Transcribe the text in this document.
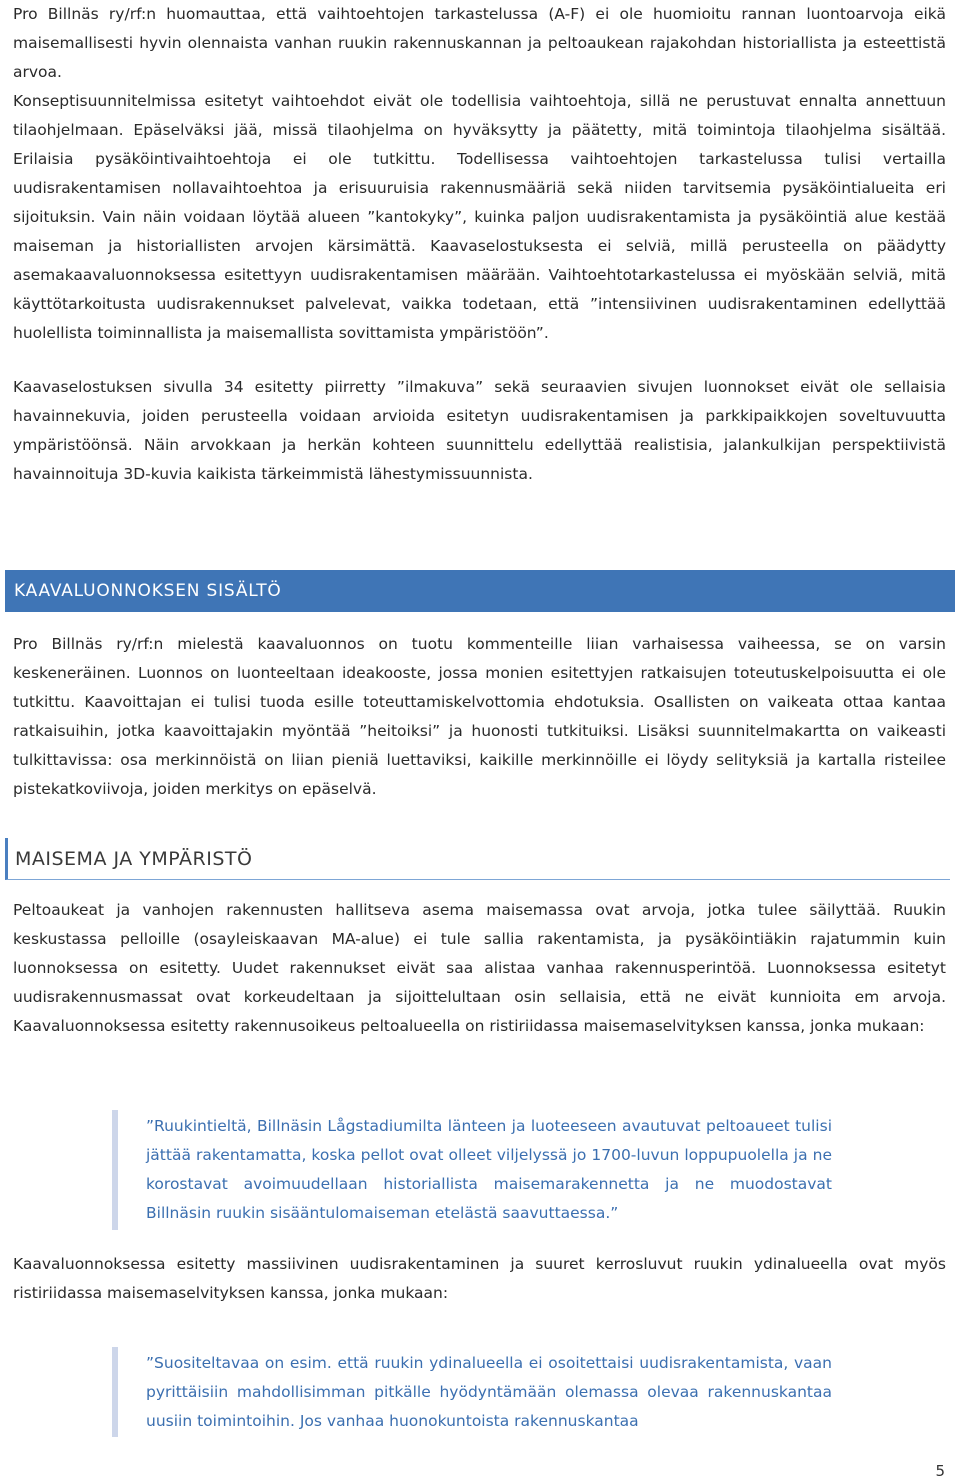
Pro Billnäs ry/rf:n huomauttaa, että vaihtoehtojen tarkastelussa (A-F) ei ole huomioitu rannan luontoarvoja eikä maisemallisesti hyvin olennaista vanhan ruukin rakennuskannan ja peltoaukean rajakohdan historiallista ja esteettistä arvoa.

Konseptisuunnitelmissa esitetyt vaihtoehdot eivät ole todellisia vaihtoehtoja, sillä ne perustuvat ennalta annettuun tilaohjelmaan. Epäselväksi jää, missä tilaohjelma on hyväksytty ja päätetty, mitä toimintoja tilaohjelma sisältää. Erilaisia pysäköintivaihtoehtoja ei ole tutkittu. Todellisessa vaihtoehtojen tarkastelussa tulisi vertailla uudisrakentamisen nollavaihtoehtoa ja erisuuruisia rakennusmääriä sekä niiden tarvitsemia pysäköintialueita eri sijoituksin. Vain näin voidaan löytää alueen ”kantokyky”, kuinka paljon uudisrakentamista ja pysäköintiä alue kestää maiseman ja historiallisten arvojen kärsimättä. Kaavaselostuksesta ei selviä, millä perusteella on päädytty asemakaavaluonnoksessa esitettyyn uudisrakentamisen määrään. Vaihtoehtotarkastelussa ei myöskään selviä, mitä käyttötarkoitusta uudisrakennukset palvelevat, vaikka todetaan, että ”intensiivinen uudisrakentaminen edellyttää huolellista toiminnallista ja maisemallista sovittamista ympäristöön”.

Kaavaselostuksen sivulla 34 esitetty piirretty ”ilmakuva” sekä seuraavien sivujen luonnokset eivät ole sellaisia havainnekuvia, joiden perusteella voidaan arvioida esitetyn uudisrakentamisen ja parkkipaikkojen soveltuvuutta ympäristöönsä. Näin arvokkaan ja herkän kohteen suunnittelu edellyttää realistisia, jalankulkijan perspektiivistä havainnoituja 3D-kuvia kaikista tärkeimmistä lähestymissuunnista.

Pro Billnäs ry/rf:n mielestä kaavaluonnos on tuotu kommenteille liian varhaisessa vaiheessa, se on varsin keskeneräinen. Luonnos on luonteeltaan ideakooste, jossa monien esitettyjen ratkaisujen toteutuskelpoisuutta ei ole tutkittu. Kaavoittajan ei tulisi tuoda esille toteuttamiskelvottomia ehdotuksia. Osallisten on vaikeata ottaa kantaa ratkaisuihin, jotka kaavoittajakin myöntää ”heitoiksi” ja huonosti tutkituiksi. Lisäksi suunnitelmakartta on vaikeasti tulkittavissa: osa merkinnöistä on liian pieniä luettaviksi, kaikille merkinnöille ei löydy selityksiä ja kartalla risteilee pistekatkoviivoja, joiden merkitys on epäselvä.

Peltoaukeat ja vanhojen rakennusten hallitseva asema maisemassa ovat arvoja, jotka tulee säilyttää. Ruukin keskustassa pelloille (osayleiskaavan MA-alue) ei tule sallia rakentamista, ja pysäköintiäkin rajatummin kuin luonnoksessa on esitetty. Uudet rakennukset eivät saa alistaa vanhaa rakennusperintöä. Luonnoksessa esitetyt uudisrakennusmassat ovat korkeudeltaan ja sijoittelultaan osin sellaisia, että ne eivät kunnioita em arvoja. Kaavaluonnoksessa esitetty rakennusoikeus peltoalueella on ristiriidassa maisemaselvityksen kanssa, jonka mukaan:

Kaavaluonnoksessa esitetty massiivinen uudisrakentaminen ja suuret kerrosluvut ruukin ydinalueella ovat myös ristiriidassa maisemaselvityksen kanssa, jonka mukaan:

KAAVALUONNOKSEN SISÄLTÖ
MAISEMA JA YMPÄRISTÖ
”Ruukintieltä, Billnäsin Lågstadiumilta länteen ja luoteeseen avautuvat peltoaueet tulisi jättää rakentamatta, koska pellot ovat olleet viljelyssä jo 1700-luvun loppupuolella ja ne korostavat avoimuudellaan historiallista maisemarakennetta ja ne muodostavat Billnäsin ruukin sisääntulomaiseman etelästä saavuttaessa.”
”Suositeltavaa on esim. että ruukin ydinalueella ei osoitettaisi uudisrakentamista, vaan pyrittäisiin mahdollisimman pitkälle hyödyntämään olemassa olevaa rakennuskantaa uusiin toimintoihin. Jos vanhaa huonokuntoista rakennuskantaa
5
